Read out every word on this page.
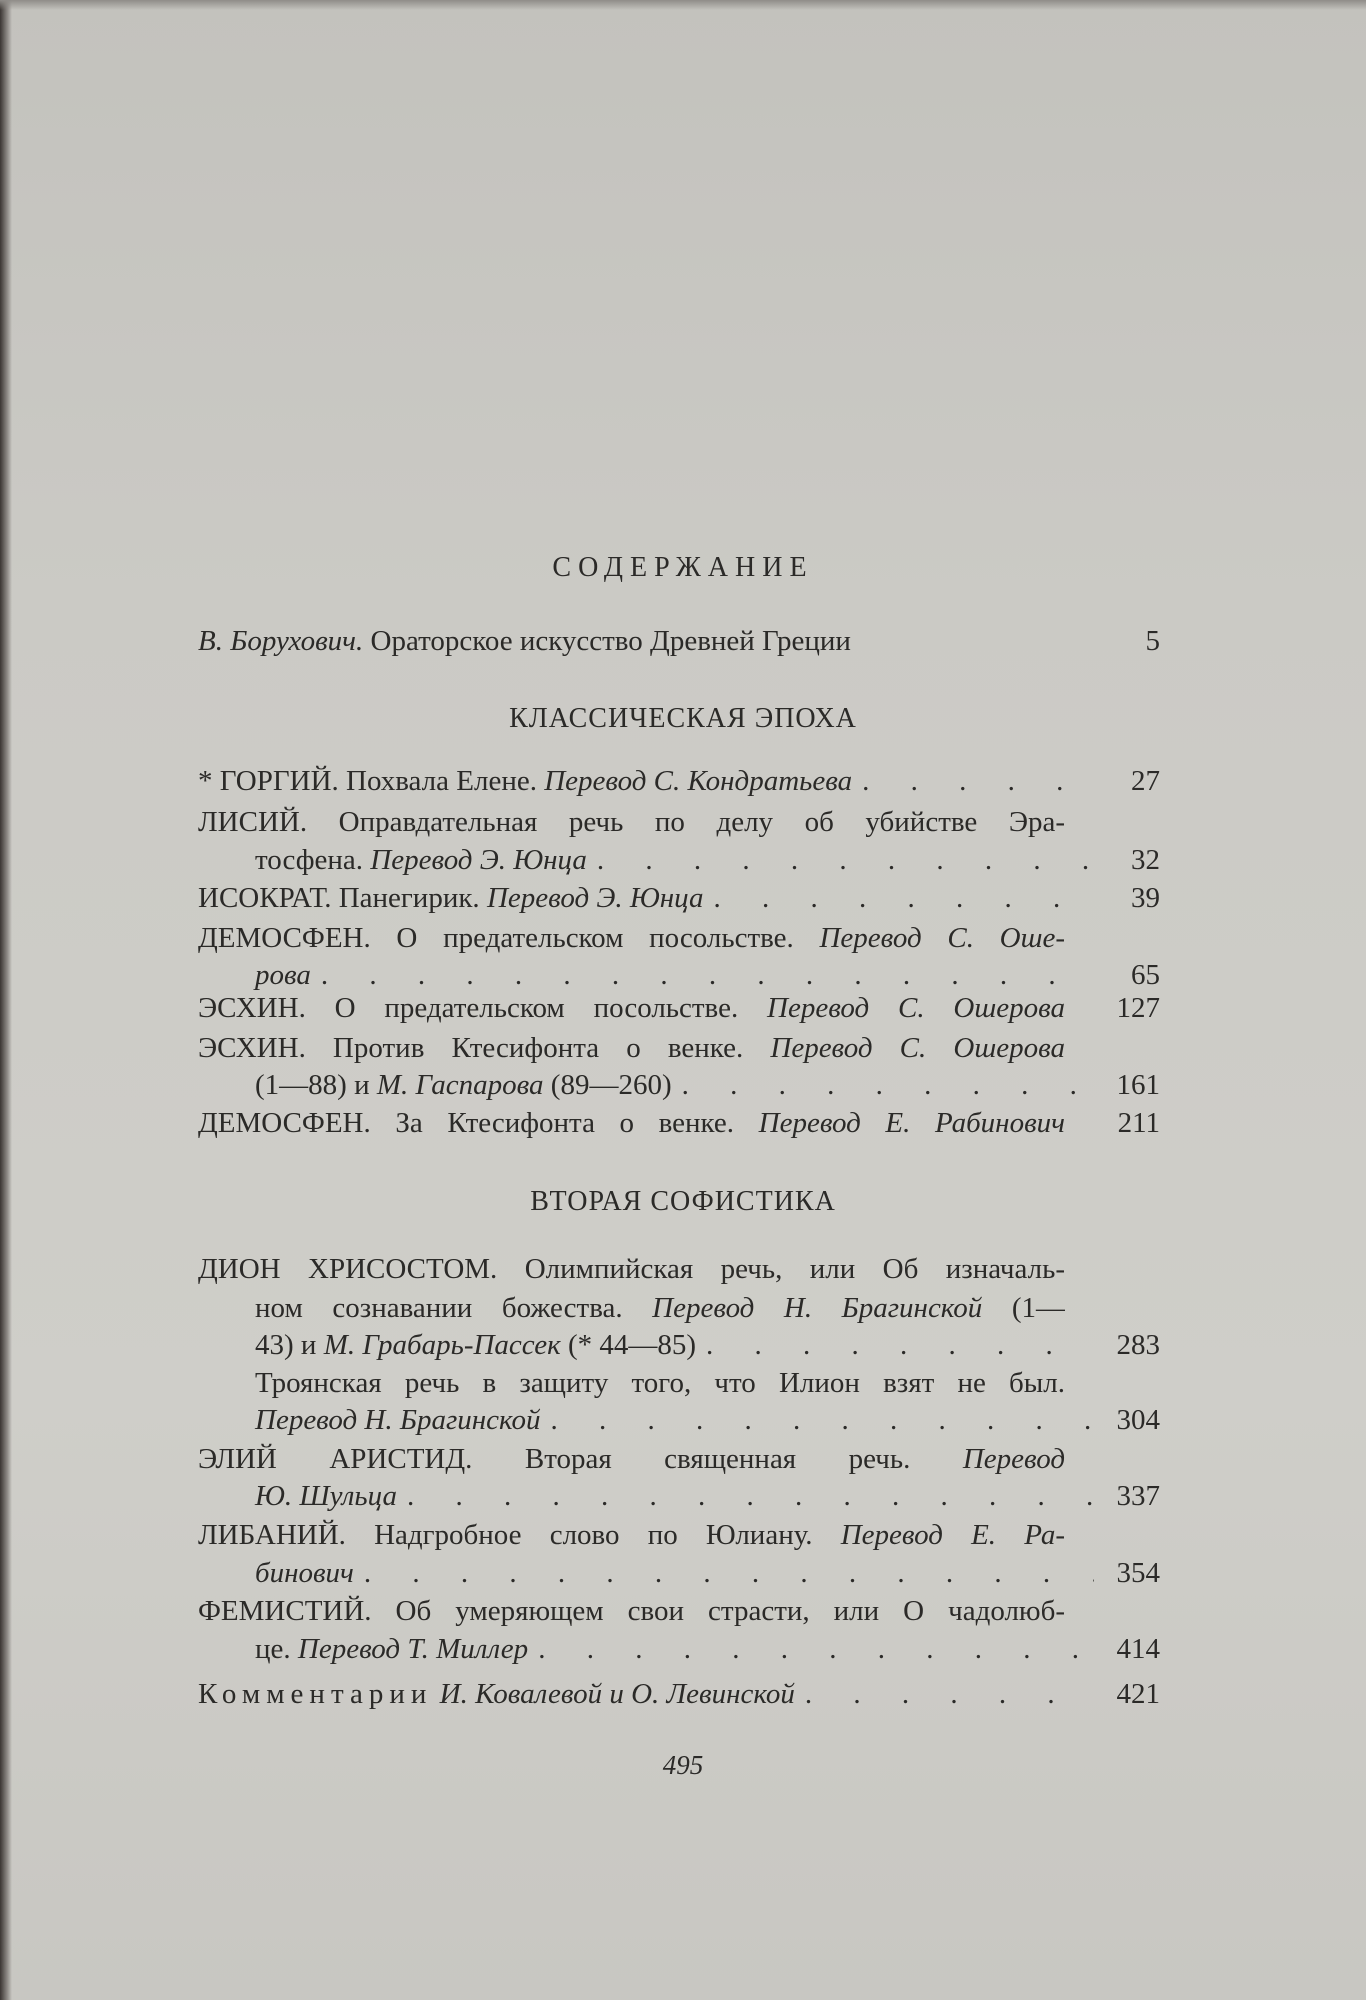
СОДЕРЖАНИЕ
В. Борухович. Ораторское искусство Древней Греции	5
КЛАССИЧЕСКАЯ ЭПОХА
* ГОРГИЙ. Похвала Елене. Перевод С. Кондратьева . . .	27
ЛИСИЙ. Оправдательная речь по делу об убийстве Эра-
тосфена. Перевод Э. Юнца . . .	32
ИСОКРАТ. Панегирик. Перевод Э. Юнца . . .	39
ДЕМОСФЕН. О предательском посольстве. Перевод С. Оше-
рова . . .	65
ЭСХИН. О предательском посольстве. Перевод С. Ошерова	127
ЭСХИН. Против Ктесифонта о венке. Перевод С. Ошерова
(1—88) и М. Гаспарова (89—260) . . .	161
ДЕМОСФЕН. За Ктесифонта о венке. Перевод Е. Рабинович	211
ВТОРАЯ СОФИСТИКА
ДИОН ХРИСОСТОМ. Олимпийская речь, или Об изначаль-
ном сознавании божества. Перевод Н. Брагинской (1—
43) и М. Грабарь-Пассек (* 44—85) . . .	283
Троянская речь в защиту того, что Илион взят не был.
Перевод Н. Брагинской . . .	304
ЭЛИЙ АРИСТИД. Вторая священная речь. Перевод
Ю. Шульца . . .	337
ЛИБАНИЙ. Надгробное слово по Юлиану. Перевод Е. Ра-
бинович . . .	354
ФЕМИСТИЙ. Об умеряющем свои страсти, или О чадолюб-
це. Перевод Т. Миллер . . .	414
Комментарии И. Ковалевой и О. Левинской . . .	421
495
